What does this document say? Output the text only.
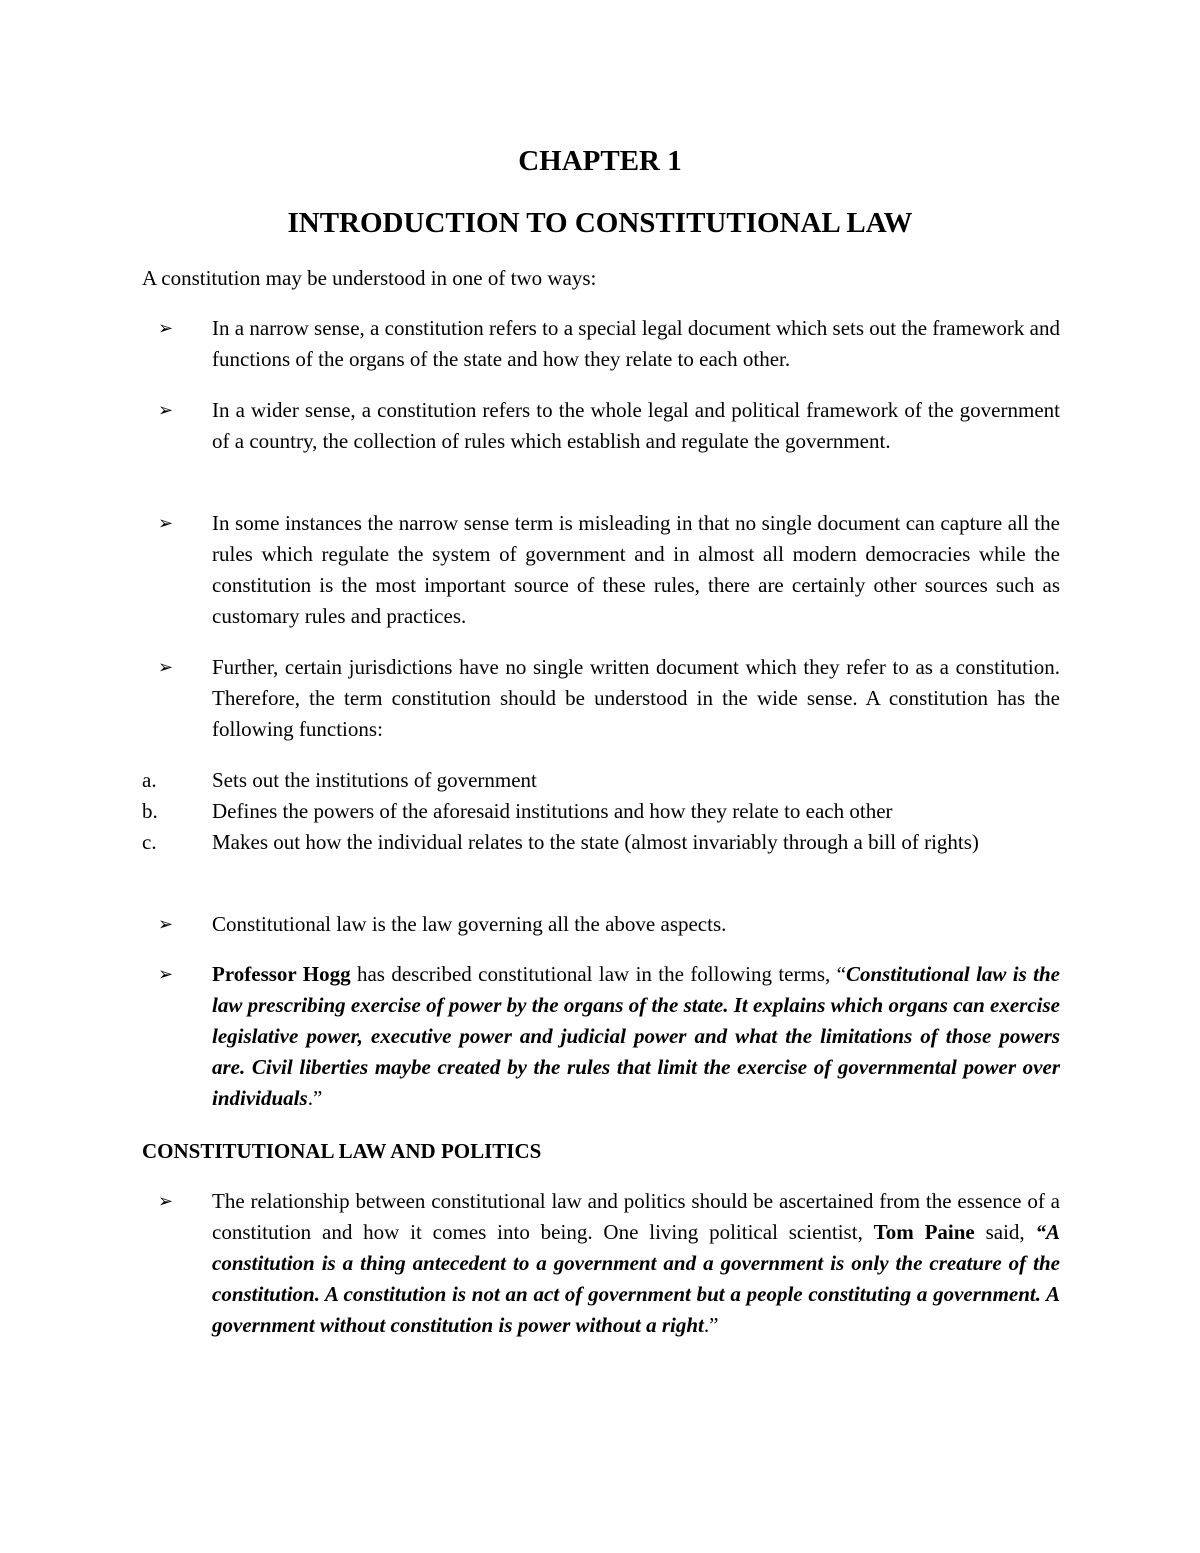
CHAPTER 1
INTRODUCTION TO CONSTITUTIONAL LAW
A constitution may be understood in one of two ways:
➢	In a narrow sense, a constitution refers to a special legal document which sets out the framework and functions of the organs of the state and how they relate to each other.
➢	In a wider sense, a constitution refers to the whole legal and political framework of the government of a country, the collection of rules which establish and regulate the government.
➢	In some instances the narrow sense term is misleading in that no single document can capture all the rules which regulate the system of government and in almost all modern democracies while the constitution is the most important source of these rules, there are certainly other sources such as customary rules and practices.
➢	Further, certain jurisdictions have no single written document which they refer to as a constitution. Therefore, the term constitution should be understood in the wide sense. A constitution has the following functions:
a.	Sets out the institutions of government
b.	Defines the powers of the aforesaid institutions and how they relate to each other
c.	Makes out how the individual relates to the state (almost invariably through a bill of rights)
➢	Constitutional law is the law governing all the above aspects.
➢	Professor Hogg has described constitutional law in the following terms, “Constitutional law is the law prescribing exercise of power by the organs of the state. It explains which organs can exercise legislative power, executive power and judicial power and what the limitations of those powers are. Civil liberties maybe created by the rules that limit the exercise of governmental power over individuals.”
CONSTITUTIONAL LAW AND POLITICS
➢	The relationship between constitutional law and politics should be ascertained from the essence of a constitution and how it comes into being. One living political scientist, Tom Paine said, “A constitution is a thing antecedent to a government and a government is only the creature of the constitution. A constitution is not an act of government but a people constituting a government. A government without constitution is power without a right.”
